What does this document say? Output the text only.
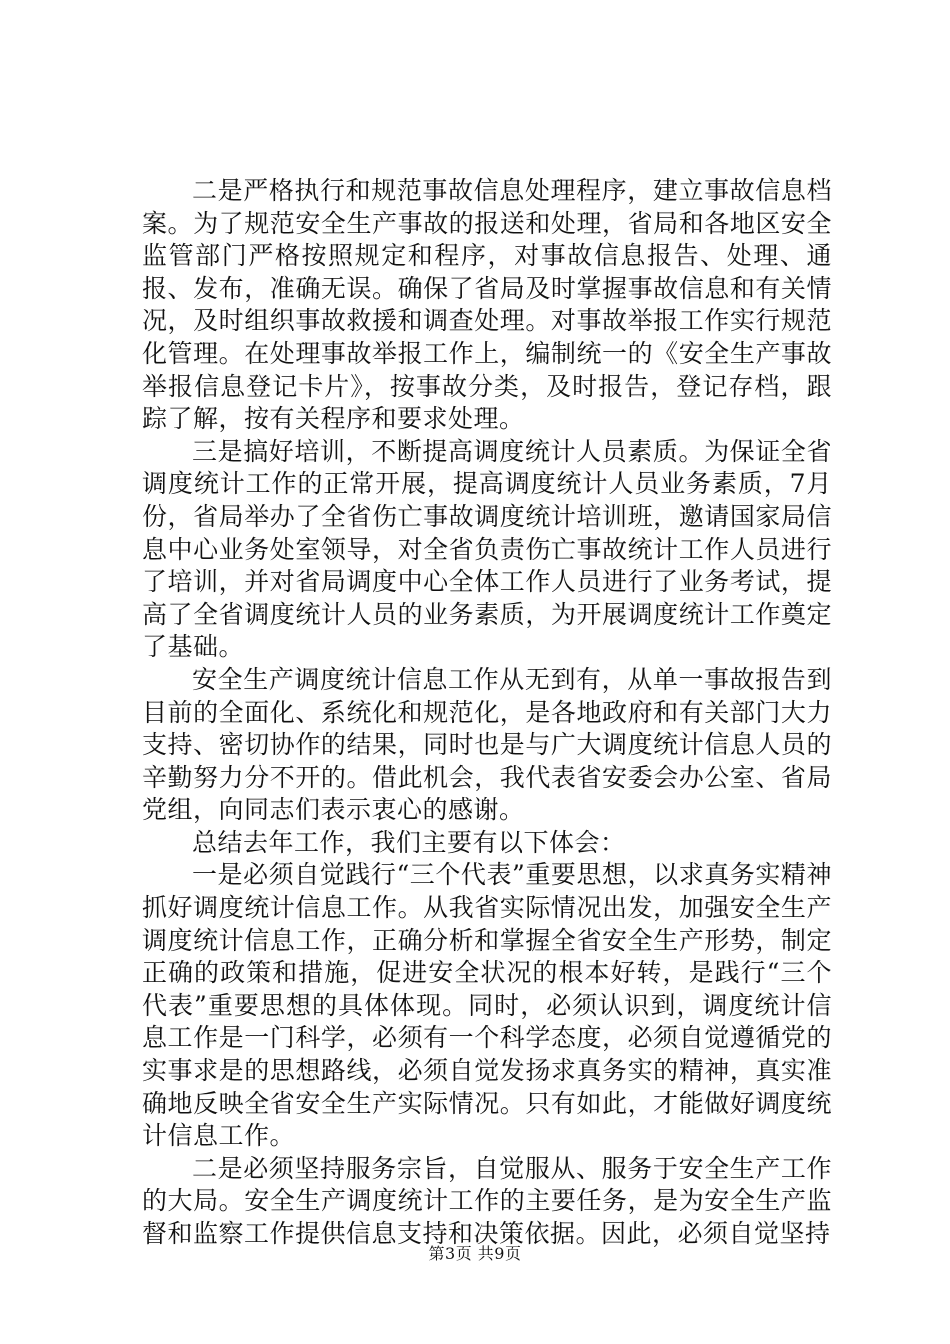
二是严格执行和规范事故信息处理程序，建立事故信息档案。为了规范安全生产事故的报送和处理，省局和各地区安全监管部门严格按照规定和程序，对事故信息报告、处理、通报、发布，准确无误。确保了省局及时掌握事故信息和有关情况，及时组织事故救援和调查处理。对事故举报工作实行规范化管理。在处理事故举报工作上，编制统一的《安全生产事故举报信息登记卡片》，按事故分类，及时报告，登记存档，跟踪了解，按有关程序和要求处理。

三是搞好培训，不断提高调度统计人员素质。为保证全省调度统计工作的正常开展，提高调度统计人员业务素质，7月份，省局举办了全省伤亡事故调度统计培训班，邀请国家局信息中心业务处室领导，对全省负责伤亡事故统计工作人员进行了培训，并对省局调度中心全体工作人员进行了业务考试，提高了全省调度统计人员的业务素质，为开展调度统计工作奠定了基础。

安全生产调度统计信息工作从无到有，从单一事故报告到目前的全面化、系统化和规范化，是各地政府和有关部门大力支持、密切协作的结果，同时也是与广大调度统计信息人员的辛勤努力分不开的。借此机会，我代表省安委会办公室、省局党组，向同志们表示衷心的感谢。

总结去年工作，我们主要有以下体会：

一是必须自觉践行“三个代表”重要思想，以求真务实精神抓好调度统计信息工作。从我省实际情况出发，加强安全生产调度统计信息工作，正确分析和掌握全省安全生产形势，制定正确的政策和措施，促进安全状况的根本好转，是践行“三个代表”重要思想的具体体现。同时，必须认识到，调度统计信息工作是一门科学，必须有一个科学态度，必须自觉遵循党的实事求是的思想路线，必须自觉发扬求真务实的精神，真实准确地反映全省安全生产实际情况。只有如此，才能做好调度统计信息工作。

二是必须坚持服务宗旨，自觉服从、服务于安全生产工作的大局。安全生产调度统计工作的主要任务，是为安全生产监督和监察工作提供信息支持和决策依据。因此，必须自觉坚持

第3页 共9页
